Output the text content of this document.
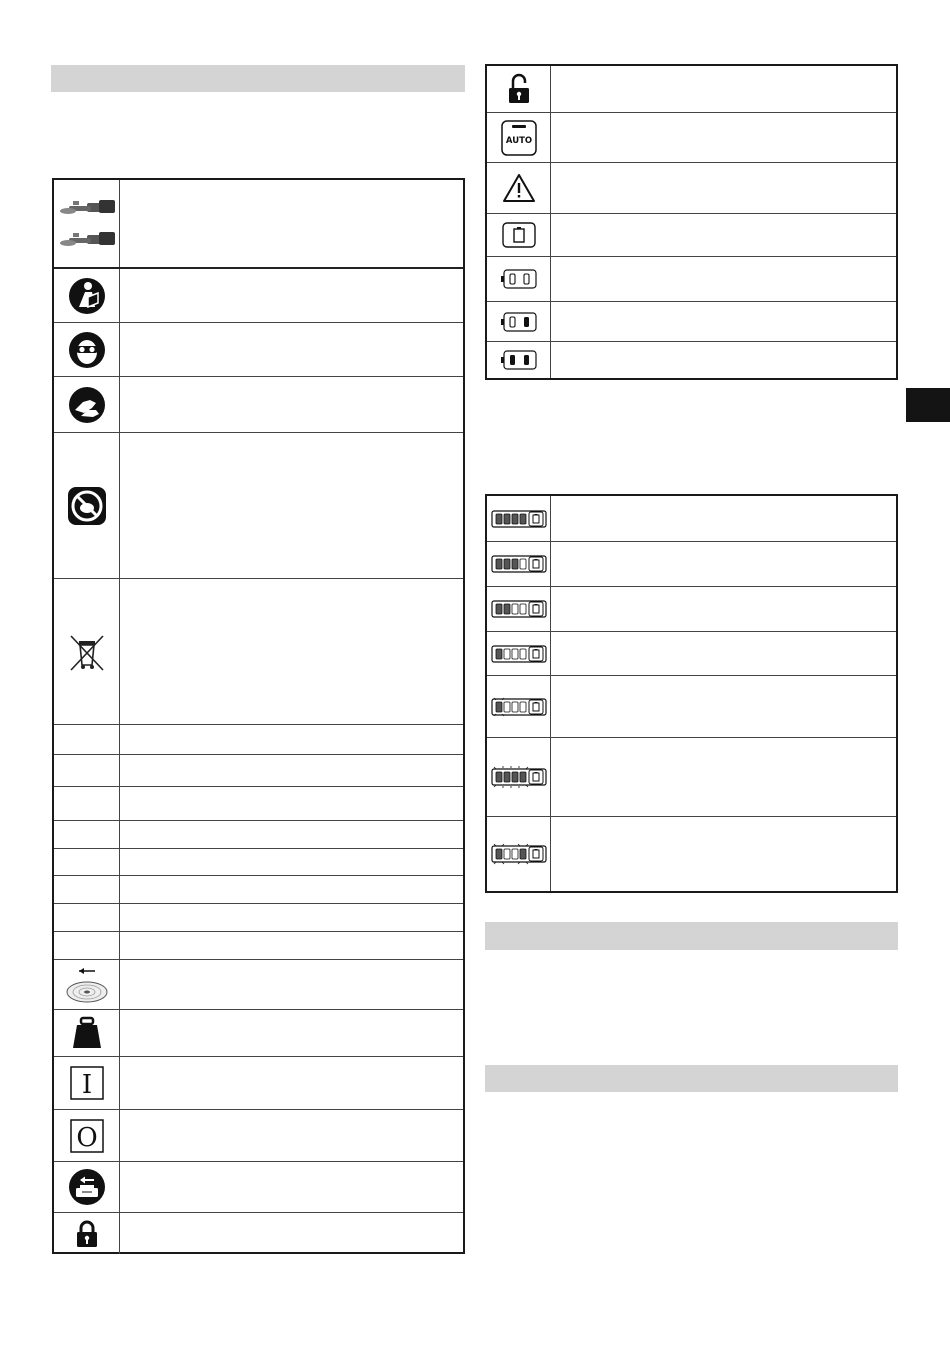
I
O
AUTO
